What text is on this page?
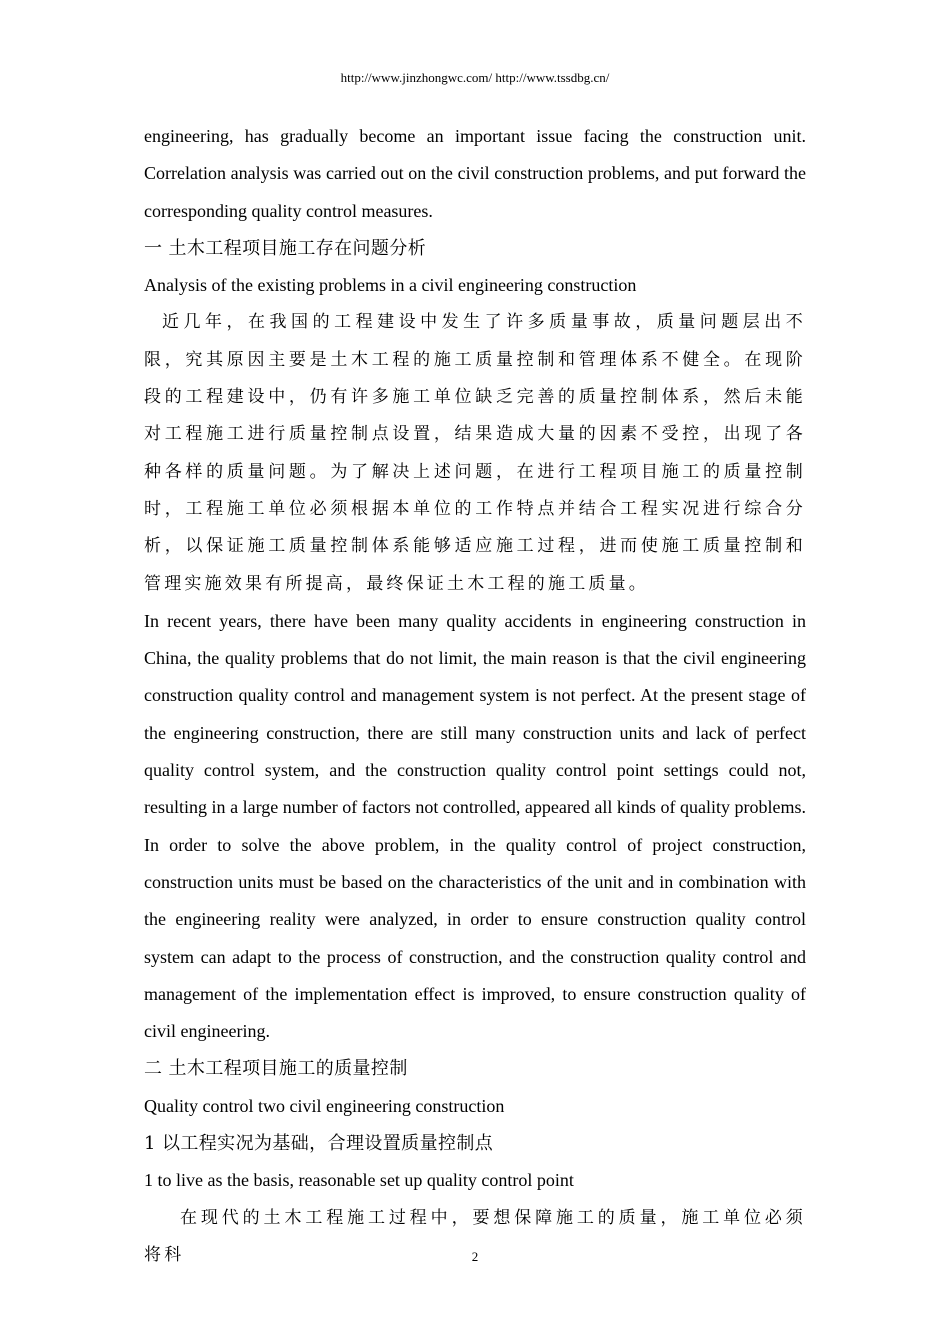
http://www.jinzhongwc.com/ http://www.tssdbg.cn/

engineering, has gradually become an important issue facing the construction unit. Correlation analysis was carried out on the civil construction problems, and put forward the corresponding quality control measures.

一 土木工程项目施工存在问题分析

Analysis of the existing problems in a civil engineering construction

近几年，在我国的工程建设中发生了许多质量事故，质量问题层出不限，究其原因主要是土木工程的施工质量控制和管理体系不健全。在现阶段的工程建设中，仍有许多施工单位缺乏完善的质量控制体系，然后未能对工程施工进行质量控制点设置，结果造成大量的因素不受控，出现了各种各样的质量问题。为了解决上述问题，在进行工程项目施工的质量控制时，工程施工单位必须根据本单位的工作特点并结合工程实况进行综合分析，以保证施工质量控制体系能够适应施工过程，进而使施工质量控制和管理实施效果有所提高，最终保证土木工程的施工质量。

In recent years, there have been many quality accidents in engineering construction in China, the quality problems that do not limit, the main reason is that the civil engineering construction quality control and management system is not perfect. At the present stage of the engineering construction, there are still many construction units and lack of perfect quality control system, and the construction quality control point settings could not, resulting in a large number of factors not controlled, appeared all kinds of quality problems. In order to solve the above problem, in the quality control of project construction, construction units must be based on the characteristics of the unit and in combination with the engineering reality were analyzed, in order to ensure construction quality control system can adapt to the process of construction, and the construction quality control and management of the implementation effect is improved, to ensure construction quality of civil engineering.

二 土木工程项目施工的质量控制

Quality control two civil engineering construction

1 以工程实况为基础，合理设置质量控制点

1 to live as the basis, reasonable set up quality control point

在现代的土木工程施工过程中，要想保障施工的质量，施工单位必须将科	2
